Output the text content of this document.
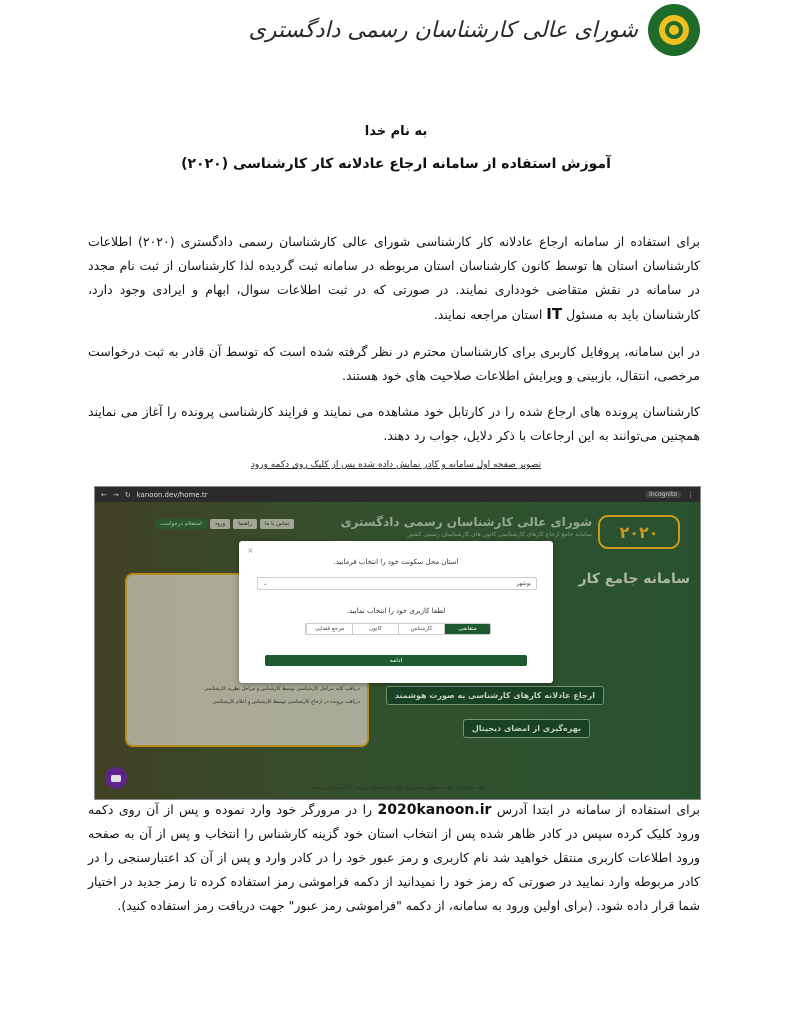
شورای عالی کارشناسان رسمی دادگستری
به نام خدا
آموزش استفاده از سامانه ارجاع عادلانه کار کارشناسی (۲۰۲۰)
برای استفاده از سامانه ارجاع عادلانه کار کارشناسی شورای عالی کارشناسان رسمی دادگستری (۲۰۲۰) اطلاعات کارشناسان استان ها توسط کانون کارشناسان استان مربوطه در سامانه ثبت گردیده لذا کارشناسان از ثبت نام مجدد در سامانه در نقش متقاضی خودداری نمایند. در صورتی که در ثبت اطلاعات سوال، ابهام و ایرادی وجود دارد، کارشناسان باید به مسئول IT استان مراجعه نمایند.
در این سامانه، پروفایل کاربری برای کارشناسان محترم در نظر گرفته شده است که توسط آن قادر به ثبت درخواست مرخصی، انتقال، بازبینی و ویرایش اطلاعات صلاحیت های خود هستند.
کارشناسان پرونده های ارجاع شده را در کارتابل خود مشاهده می نمایند و فرایند کارشناسی پرونده را آغاز می نمایند همچنین می‌توانند به این ارجاعات با ذکر دلایل، جواب رد دهند.
تصویر صفحه اول سامانه و کادر نمایش داده شده پس از کلیک روی دکمه ورود
← → ↻ kanoon.dev/home.tr	Incognito	⋮
۲۰۲۰
شورای عالی کارشناسان رسمی دادگستری
سامانه جامع ارجاع کارهای کارشناسی کانون های کارشناسان رسمی کشور
استعلام درخواست	ورود	راهنما	تماس با ما
سامانه جامع کار
دریافت کلیه مراحل کارشناسی توسط کارشناس و مراحل نظریه کارشناسی
دریافت پرونده در ارجاع کارشناسی توسط کارشناس و اعلام کارشناسی
ارجاع عادلانه کارهای کارشناسی به صورت هوشمند
بهره‌گیری از امضای دیجیتال
کلیه حقوق این سایت متعلق به شورای عالی کارشناسان رسمی دادگستری می باشد.
×
استان محل سکونت خود را انتخاب فرمایید.
بوشهر
⌄
لطفا کاربری خود را انتخاب نمایید.
متقاضی
کارشناس
کانون
مرجع قضایی
ادامه
برای استفاده از سامانه در ابتدا آدرس 2020kanoon.ir را در مرورگر خود وارد نموده و پس از آن روی دکمه ورود کلیک کرده سپس در کادر ظاهر شده پس از انتخاب استان خود گزینه کارشناس را انتخاب و پس از آن به صفحه ورود اطلاعات کاربری منتقل خواهید شد نام کاربری و رمز عبور خود را در کادر وارد و پس از آن کد اعتبارسنجی را در کادر مربوطه وارد نمایید در صورتی که رمز خود را نمیدانید از دکمه فراموشی رمز استفاده کرده تا رمز جدید در اختیار شما قرار داده شود. (برای اولین ورود به سامانه، از دکمه "فراموشی رمز عبور" جهت دریافت رمز استفاده کنید).
